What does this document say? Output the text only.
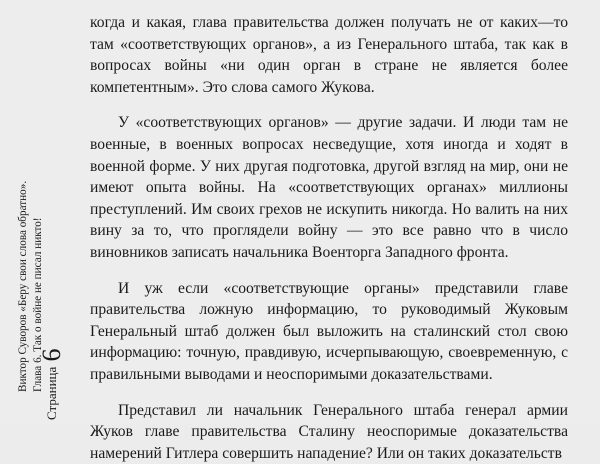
Страница 6
Виктор Суворов «Беру свои слова обратно». Глава 6. Так о войне не писал никто!

когда и какая, глава правительства должен получать не от каких—то там «соответствующих органов», а из Генерального штаба, так как в вопросах войны «ни один орган в стране не является более компетентным». Это слова самого Жукова.

У «соответствующих органов» — другие задачи. И люди там не военные, в военных вопросах несведущие, хотя иногда и ходят в военной форме. У них другая подготовка, другой взгляд на мир, они не имеют опыта войны. На «соответствующих органах» миллионы преступлений. Им своих грехов не искупить никогда. Но валить на них вину за то, что проглядели войну — это все равно что в число виновников записать начальника Военторга Западного фронта.

И уж если «соответствующие органы» представили главе правительства ложную информацию, то руководимый Жуковым Генеральный штаб должен был выложить на сталинский стол свою информацию: точную, правдивую, исчерпывающую, своевременную, с правильными выводами и неоспоримыми доказательствами.

Представил ли начальник Генерального штаба генерал армии Жуков главе правительства Сталину неоспоримые доказательства намерений Гитлера совершить нападение? Или он таких доказательств
